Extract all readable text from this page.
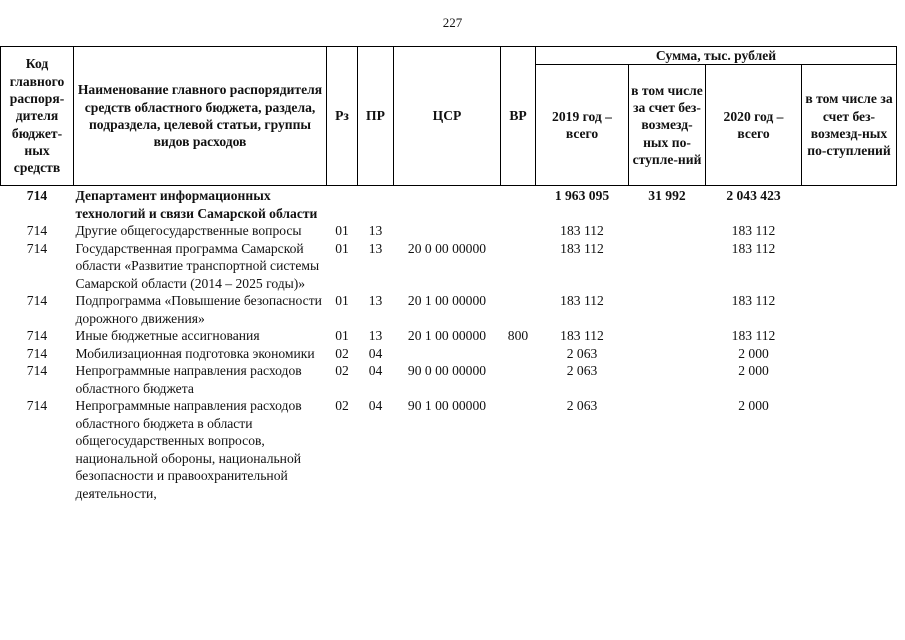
227
Код главного распоря-дителя бюджет-ных средств	Наименование главного распорядителя средств областного бюджета, раздела, подраздела, целевой статьи, группы видов расходов	Рз	ПР	ЦСР	ВР	Сумма, тыс. рублей			
						2019 год – всего	в том числе за счет без-возмезд-ных по-ступле-ний	2020 год – всего	в том числе за счет без-возмезд-ных по-ступлений
714	Департамент информационных технологий и связи Самарской области					1 963 095	31 992	2 043 423	
714	Другие общегосударственные вопросы	01	13			183 112		183 112	
714	Государственная программа Самарской области «Развитие транспортной системы Самарской области (2014 – 2025 годы)»	01	13	20 0 00 00000		183 112		183 112	
714	Подпрограмма «Повышение безопасности дорожного движения»	01	13	20 1 00 00000		183 112		183 112	
714	Иные бюджетные ассигнования	01	13	20 1 00 00000	800	183 112		183 112	
714	Мобилизационная подготовка экономики	02	04			2 063		2 000	
714	Непрограммные направления расходов областного бюджета	02	04	90 0 00 00000		2 063		2 000	
714	Непрограммные направления расходов областного бюджета в области общегосударственных вопросов, национальной обороны, национальной безопасности и правоохранительной деятельности,	02	04	90 1 00 00000		2 063		2 000	
